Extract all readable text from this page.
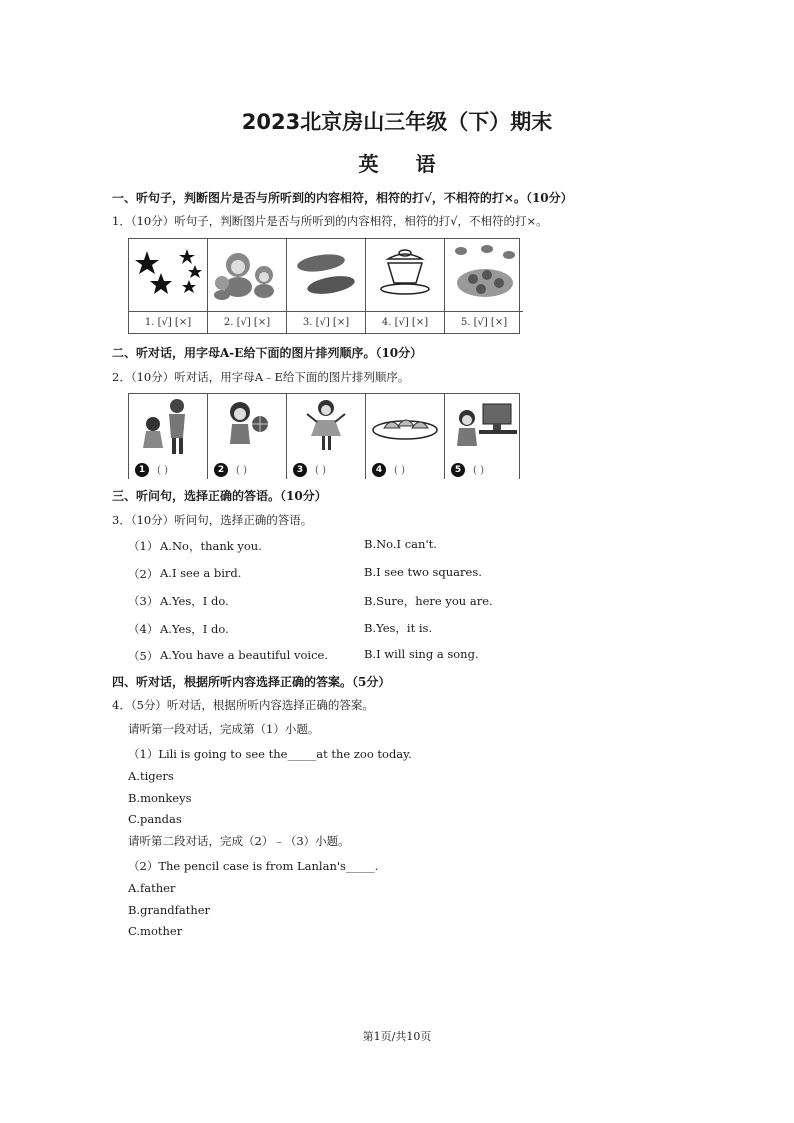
2023北京房山三年级（下）期末
英 语
一、听句子，判断图片是否与所听到的内容相符，相符的打√，不相符的打×。（10分）
1．（10分）听句子，判断图片是否与所听到的内容相符，相符的打√，不相符的打×。
1. [√] [×]	2. [√] [×]	3. [√] [×]	4. [√] [×]	5. [√] [×]
二、听对话，用字母A-E给下面的图片排列顺序。（10分）
2．（10分）听对话，用字母A﹣E给下面的图片排列顺序。
1	( )	2	( )	3	( )	4	( )	5	( )
三、听问句，选择正确的答语。（10分）
3．（10分）听问句，选择正确的答语。
（1） A.No，thank you.	B.No.I can't.
（2） A.I see a bird.	B.I see two squares.
（3） A.Yes，I do.	B.Sure，here you are.
（4） A.Yes，I do.	B.Yes，it is.
（5） A.You have a beautiful voice.	B.I will sing a song.
四、听对话，根据所听内容选择正确的答案。（5分）
4．（5分）听对话，根据所听内容选择正确的答案。
请听第一段对话，完成第（1）小题。
（1）Lili is going to see the_____at the zoo today.
A.tigers
B.monkeys
C.pandas
请听第二段对话，完成（2）﹣（3）小题。
（2）The pencil case is from Lanlan's_____.
A.father
B.grandfather
C.mother
第1页/共10页
